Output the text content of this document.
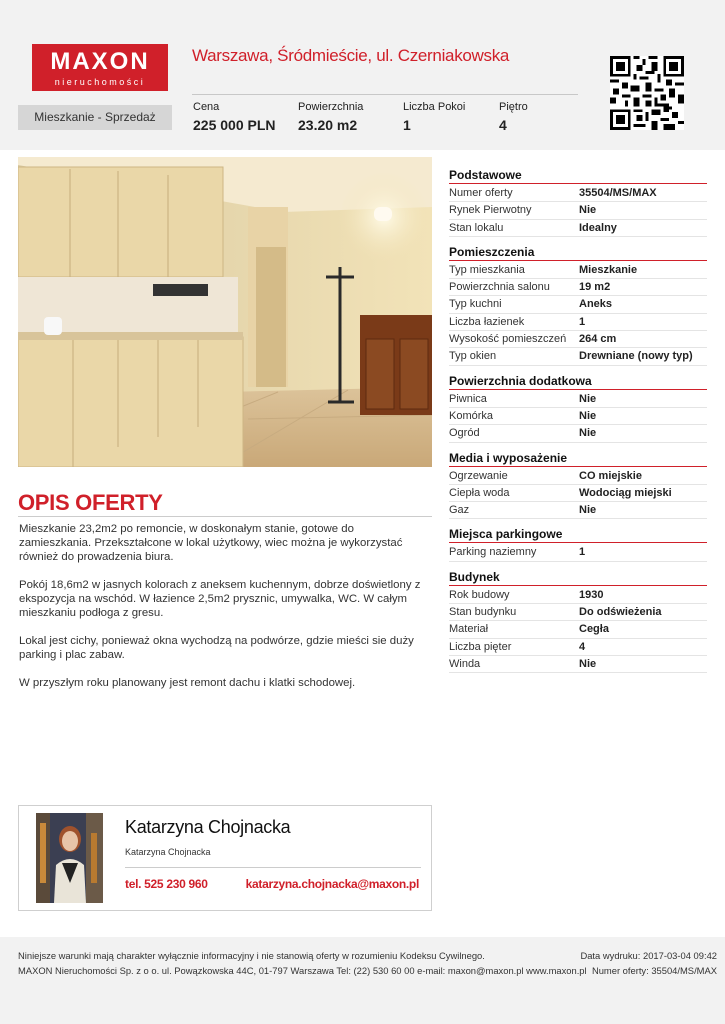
MAXON
nieruchomości
Warszawa, Śródmieście, ul. Czerniakowska
Mieszkanie - Sprzedaż
Cena
225 000 PLN
Powierzchnia
23.20 m2
Liczba Pokoi
1
Piętro
4
OPIS OFERTY

Mieszkanie 23,2m2 po remoncie, w doskonałym stanie, gotowe do zamieszkania. Przekształcone w lokal użytkowy, wiec można je wykorzystać również do prowadzenia biura.

Pokój 18,6m2 w jasnych kolorach z aneksem kuchennym, dobrze doświetlony z ekspozycja na wschód. W łazience 2,5m2 prysznic, umywalka, WC. W całym mieszkaniu podłoga z gresu.

Lokal jest cichy, ponieważ okna wychodzą na podwórze, gdzie mieści sie duży parking i plac zabaw.

W przyszłym roku planowany jest remont dachu i klatki schodowej.

Podstawowe
Numer oferty	35504/MS/MAX
Rynek Pierwotny	Nie
Stan lokalu	Idealny
Pomieszczenia
Typ mieszkania	Mieszkanie
Powierzchnia salonu	19 m2
Typ kuchni	Aneks
Liczba łazienek	1
Wysokość pomieszczeń	264 cm
Typ okien	Drewniane (nowy typ)
Powierzchnia dodatkowa
Piwnica	Nie
Komórka	Nie
Ogród	Nie
Media i wyposażenie
Ogrzewanie	CO miejskie
Ciepła woda	Wodociąg miejski
Gaz	Nie
Miejsca parkingowe
Parking naziemny	1
Budynek
Rok budowy	1930
Stan budynku	Do odświeżenia
Materiał	Cegła
Liczba pięter	4
Winda	Nie
Katarzyna Chojnacka
Katarzyna Chojnacka
tel. 525 230 960	katarzyna.chojnacka@maxon.pl
Niniejsze warunki mają charakter wyłącznie informacyjny i nie stanowią oferty w rozumieniu Kodeksu Cywilnego.
MAXON Nieruchomości Sp. z o o. ul. Powązkowska 44C, 01-797 Warszawa Tel: (22) 530 60 00 e-mail: maxon@maxon.pl www.maxon.pl
Data wydruku: 2017-03-04 09:42
Numer oferty: 35504/MS/MAX
